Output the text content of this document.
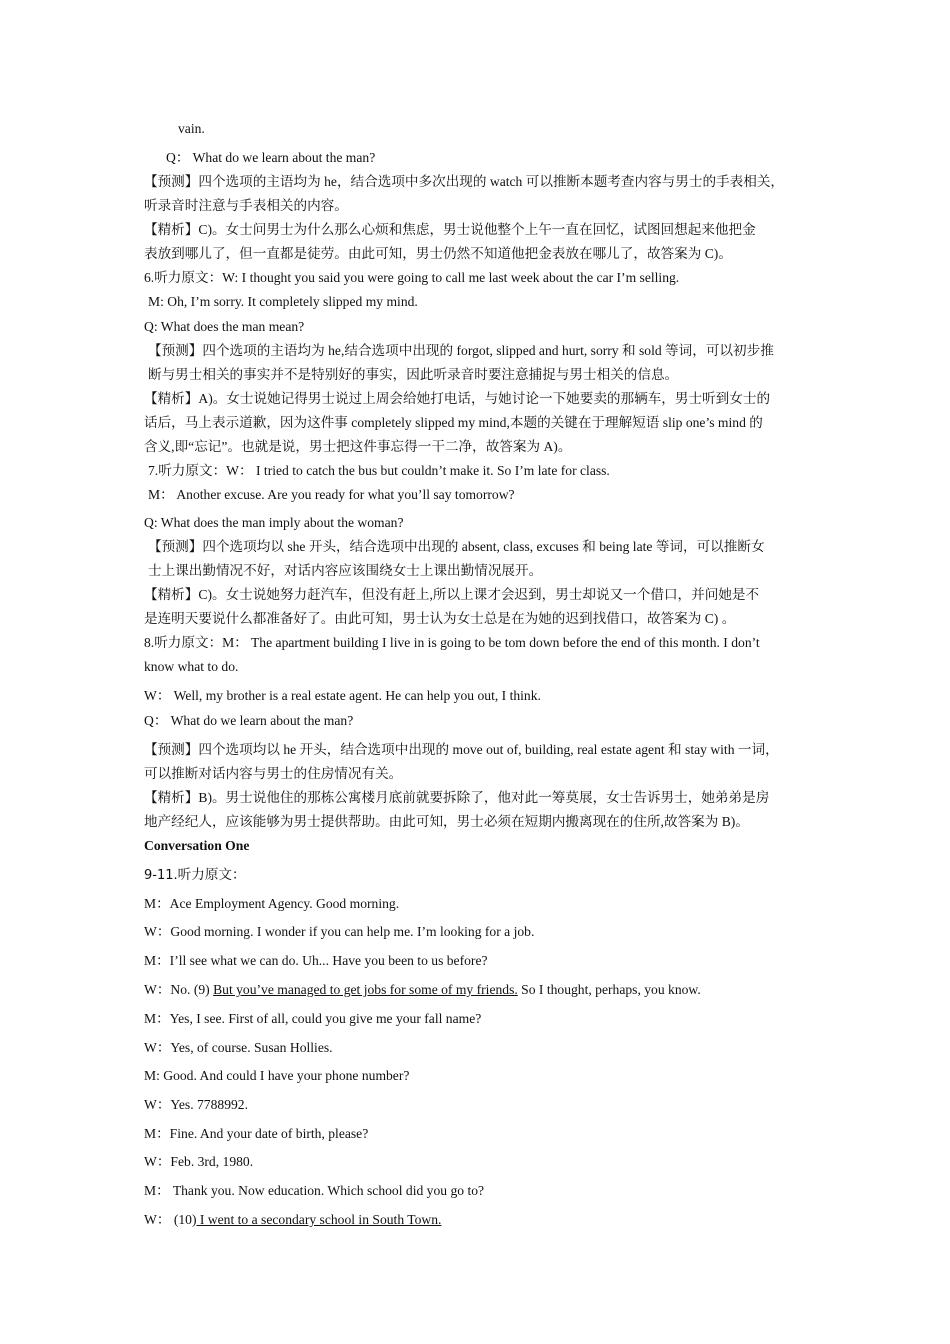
vain.
Q： What do we learn about the man?
【预测】四个选项的主语均为 he，结合选项中多次出现的 watch 可以推断本题考查内容与男士的手表相关，
听录音时注意与手表相关的内容。
【精析】C)。女士问男士为什么那么心烦和焦虑，男士说他整个上午一直在回忆，试图回想起来他把金
表放到哪儿了，但一直都是徒劳。由此可知，男士仍然不知道他把金表放在哪儿了，故答案为 C)。
6.听力原文：W: I thought you said you were going to call me last week about the car I’m selling.
M: Oh, I’m sorry. It completely slipped my mind.
Q: What does the man mean?
【预测】四个选项的主语均为 he,结合选项中出现的 forgot, slipped and hurt, sorry 和 sold 等词，可以初步推
断与男士相关的事实并不是特别好的事实，因此听录音时要注意捕捉与男士相关的信息。
【精析】A)。女士说她记得男士说过上周会给她打电话，与她讨论一下她要卖的那辆车，男士听到女士的
话后，马上表示道歉，因为这件事 completely slipped my mind,本题的关键在于理解短语 slip one’s mind 的
含义,即“忘记”。也就是说，男士把这件事忘得一干二净，故答案为 A)。
7.听力原文：W： I tried to catch the bus but couldn’t make it. So I’m late for class.
M： Another excuse. Are you ready for what you’ll say tomorrow?
Q: What does the man imply about the woman?
【预测】四个选项均以 she 开头，结合选项中出现的 absent, class, excuses 和 being late 等词，可以推断女
士上课出勤情况不好，对话内容应该围绕女士上课出勤情况展开。
【精析】C)。女士说她努力赶汽车，但没有赶上,所以上课才会迟到，男士却说又一个借口，并问她是不
是连明天要说什么都准备好了。由此可知，男士认为女士总是在为她的迟到找借口，故答案为 C) 。
8.听力原文：M： The apartment building I live in is going to be tom down before the end of this month. I don’t
know what to do.
W： Well, my brother is a real estate agent. He can help you out, I think.
Q： What do we learn about the man?
【预测】四个选项均以 he 开头，结合选项中出现的 move out of, building, real estate agent 和 stay with 一词，
可以推断对话内容与男士的住房情况有关。
【精析】B)。男士说他住的那栋公寓楼月底前就要拆除了，他对此一筹莫展，女士告诉男士，她弟弟是房
地产经纪人，应该能够为男士提供帮助。由此可知，男士必须在短期内搬离现在的住所,故答案为 B)。
Conversation One
9-11.听力原文：
M：Ace Employment Agency. Good morning.
W：Good morning. I wonder if you can help me. I’m looking for a job.
M：I’ll see what we can do. Uh... Have you been to us before?
W：No. (9) But you’ve managed to get jobs for some of my friends. So I thought, perhaps, you know.
M：Yes, I see. First of all, could you give me your fall name?
W：Yes, of course. Susan Hollies.
M: Good. And could I have your phone number?
W：Yes. 7788992.
M：Fine. And your date of birth, please?
W：Feb. 3rd, 1980.
M： Thank you. Now education. Which school did you go to?
W： (10) I went to a secondary school in South Town.
